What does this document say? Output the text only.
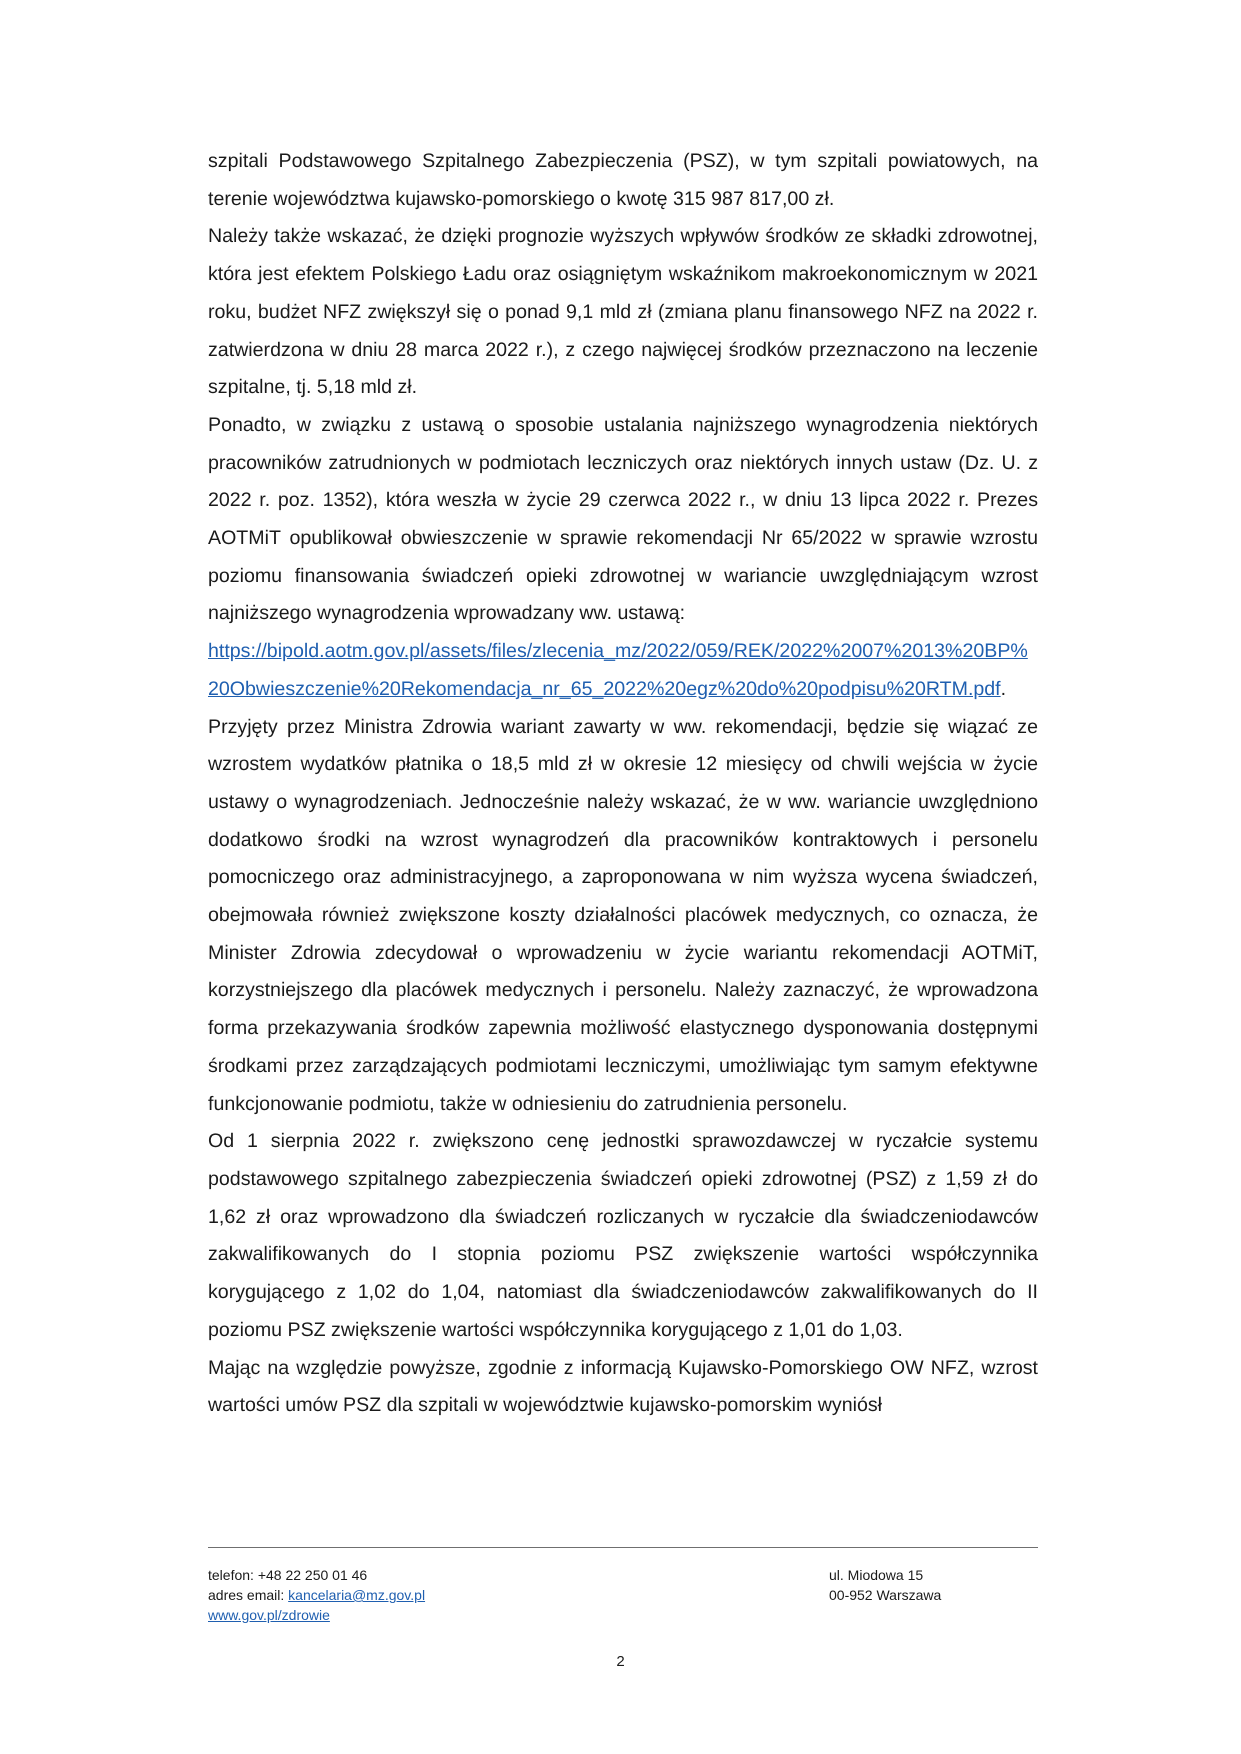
szpitali Podstawowego Szpitalnego Zabezpieczenia (PSZ), w tym szpitali powiatowych, na terenie województwa kujawsko-pomorskiego o kwotę 315 987 817,00 zł.

Należy także wskazać, że dzięki prognozie wyższych wpływów środków ze składki zdrowotnej, która jest efektem Polskiego Ładu oraz osiągniętym wskaźnikom makroekonomicznym w 2021 roku, budżet NFZ zwiększył się o ponad 9,1 mld zł (zmiana planu finansowego NFZ na 2022 r. zatwierdzona w dniu 28 marca 2022 r.), z czego najwięcej środków przeznaczono na leczenie szpitalne, tj. 5,18 mld zł.

Ponadto, w związku z ustawą o sposobie ustalania najniższego wynagrodzenia niektórych pracowników zatrudnionych w podmiotach leczniczych oraz niektórych innych ustaw (Dz. U. z 2022 r. poz. 1352), która weszła w życie 29 czerwca 2022 r., w dniu 13 lipca 2022 r. Prezes AOTMiT opublikował obwieszczenie w sprawie rekomendacji Nr 65/2022 w sprawie wzrostu poziomu finansowania świadczeń opieki zdrowotnej w wariancie uwzględniającym wzrost najniższego wynagrodzenia wprowadzany ww. ustawą:
https://bipold.aotm.gov.pl/assets/files/zlecenia_mz/2022/059/REK/2022%2007%2013%20BP%20Obwieszczenie%20Rekomendacja_nr_65_2022%20egz%20do%20podpisu%20RTM.pdf.

Przyjęty przez Ministra Zdrowia wariant zawarty w ww. rekomendacji, będzie się wiązać ze wzrostem wydatków płatnika o 18,5 mld zł w okresie 12 miesięcy od chwili wejścia w życie ustawy o wynagrodzeniach. Jednocześnie należy wskazać, że w ww. wariancie uwzględniono dodatkowo środki na wzrost wynagrodzeń dla pracowników kontraktowych i personelu pomocniczego oraz administracyjnego, a zaproponowana w nim wyższa wycena świadczeń, obejmowała również zwiększone koszty działalności placówek medycznych, co oznacza, że Minister Zdrowia zdecydował o wprowadzeniu w życie wariantu rekomendacji AOTMiT, korzystniejszego dla placówek medycznych i personelu. Należy zaznaczyć, że wprowadzona forma przekazywania środków zapewnia możliwość elastycznego dysponowania dostępnymi środkami przez zarządzających podmiotami leczniczymi, umożliwiając tym samym efektywne funkcjonowanie podmiotu, także w odniesieniu do zatrudnienia personelu.

Od 1 sierpnia 2022 r. zwiększono cenę jednostki sprawozdawczej w ryczałcie systemu podstawowego szpitalnego zabezpieczenia świadczeń opieki zdrowotnej (PSZ) z 1,59 zł do 1,62 zł oraz wprowadzono dla świadczeń rozliczanych w ryczałcie dla świadczeniodawców zakwalifikowanych do I stopnia poziomu PSZ zwiększenie wartości współczynnika korygującego z 1,02 do 1,04, natomiast dla świadczeniodawców zakwalifikowanych do II poziomu PSZ zwiększenie wartości współczynnika korygującego z 1,01 do 1,03.

Mając na względzie powyższe, zgodnie z informacją Kujawsko-Pomorskiego OW NFZ, wzrost wartości umów PSZ dla szpitali w województwie kujawsko-pomorskim wyniósł

telefon: +48 22 250 01 46
adres email: kancelaria@mz.gov.pl
www.gov.pl/zdrowie
ul. Miodowa 15
00-952 Warszawa
2
